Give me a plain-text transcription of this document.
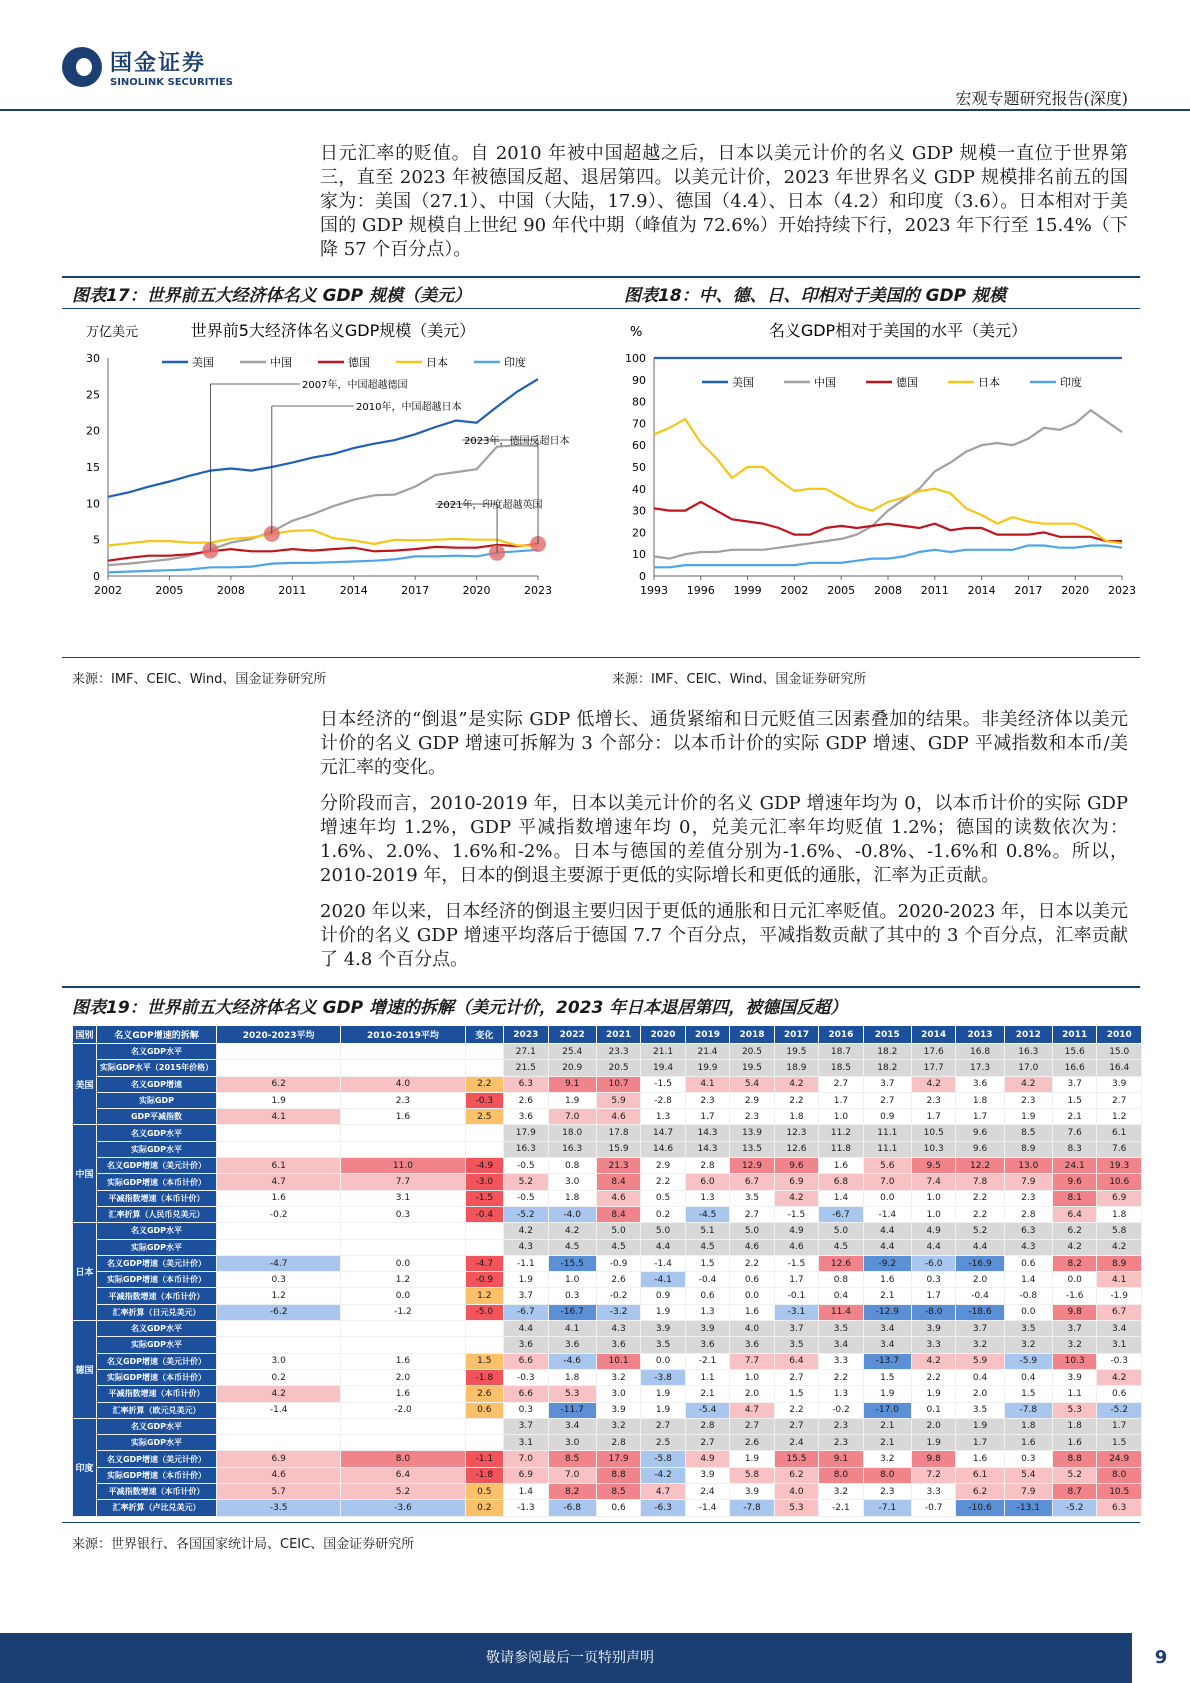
国金证券
SINOLINK SECURITIES
宏观专题研究报告(深度)
日元汇率的贬值。自 2010 年被中国超越之后，日本以美元计价的名义 GDP 规模一直位于世界第三，直至 2023 年被德国反超、退居第四。以美元计价，2023 年世界名义 GDP 规模排名前五的国家为：美国（27.1）、中国（大陆，17.9）、德国（4.4）、日本（4.2）和印度（3.6）。日本相对于美国的 GDP 规模自上世纪 90 年代中期（峰值为 72.6%）开始持续下行，2023 年下行至 15.4%（下降 57 个百分点）。
图表17：世界前五大经济体名义 GDP 规模（美元）	图表18：中、德、日、印相对于美国的 GDP 规模
世界前5大经济体名义GDP规模（美元）
万亿美元
0
5
10
15
20
25
30
2002	2005	2008	2011	2014	2017	2020	2023
美国	中国	德国	日本	印度
2007年，中国超越德国
2010年，中国超越日本
2023年，德国反超日本
2021年，印度超越英国
名义GDP相对于美国的水平（美元）
%
0
10
20
30
40
50
60
70
80
90
100
1993 1996 1999 2002 2005 2008 2011 2014 2017 2020 2023
美国	中国	德国	日本	印度
来源：IMF、CEIC、Wind、国金证券研究所	来源：IMF、CEIC、Wind、国金证券研究所
日本经济的“倒退”是实际 GDP 低增长、通货紧缩和日元贬值三因素叠加的结果。非美经济体以美元计价的名义 GDP 增速可拆解为 3 个部分：以本币计价的实际 GDP 增速、GDP 平减指数和本币/美元汇率的变化。
分阶段而言，2010-2019 年，日本以美元计价的名义 GDP 增速年均为 0，以本币计价的实际 GDP 增速年均 1.2%，GDP 平减指数增速年均 0，兑美元汇率年均贬值 1.2%；德国的读数依次为：1.6%、2.0%、1.6%和-2%。日本与德国的差值分别为-1.6%、-0.8%、-1.6%和 0.8%。所以，2010-2019 年，日本的倒退主要源于更低的实际增长和更低的通胀，汇率为正贡献。
2020 年以来，日本经济的倒退主要归因于更低的通胀和日元汇率贬值。2020-2023 年，日本以美元计价的名义 GDP 增速平均落后于德国 7.7 个百分点，平减指数贡献了其中的 3 个百分点，汇率贡献了 4.8 个百分点。
图表19：世界前五大经济体名义 GDP 增速的拆解（美元计价，2023 年日本退居第四，被德国反超）
国别	名义GDP增速的拆解	2020-2023平均	2010-2019平均	变化	2023	2022	2021	2020	2019	2018	2017	2016	2015	2014	2013	2012	2011	2010
美国	名义GDP水平				27.1	25.4	23.3	21.1	21.4	20.5	19.5	18.7	18.2	17.6	16.8	16.3	15.6	15.0
	实际GDP水平（2015年价格）				21.5	20.9	20.5	19.4	19.9	19.5	18.9	18.5	18.2	17.7	17.3	17.0	16.6	16.4
	名义GDP增速	6.2	4.0	2.2	6.3	9.1	10.7	-1.5	4.1	5.4	4.2	2.7	3.7	4.2	3.6	4.2	3.7	3.9
	实际GDP	1.9	2.3	-0.3	2.6	1.9	5.9	-2.8	2.3	2.9	2.2	1.7	2.7	2.3	1.8	2.3	1.5	2.7
	GDP平减指数	4.1	1.6	2.5	3.6	7.0	4.6	1.3	1.7	2.3	1.8	1.0	0.9	1.7	1.7	1.9	2.1	1.2
中国	名义GDP水平				17.9	18.0	17.8	14.7	14.3	13.9	12.3	11.2	11.1	10.5	9.6	8.5	7.6	6.1
	实际GDP水平				16.3	16.3	15.9	14.6	14.3	13.5	12.6	11.8	11.1	10.3	9.6	8.9	8.3	7.6
	名义GDP增速（美元计价）	6.1	11.0	-4.9	-0.5	0.8	21.3	2.9	2.8	12.9	9.6	1.6	5.6	9.5	12.2	13.0	24.1	19.3
	实际GDP增速（本币计价）	4.7	7.7	-3.0	5.2	3.0	8.4	2.2	6.0	6.7	6.9	6.8	7.0	7.4	7.8	7.9	9.6	10.6
	平减指数增速（本币计价）	1.6	3.1	-1.5	-0.5	1.8	4.6	0.5	1.3	3.5	4.2	1.4	0.0	1.0	2.2	2.3	8.1	6.9
	汇率折算（人民币兑美元）	-0.2	0.3	-0.4	-5.2	-4.0	8.4	0.2	-4.5	2.7	-1.5	-6.7	-1.4	1.0	2.2	2.8	6.4	1.8
日本	名义GDP水平				4.2	4.2	5.0	5.0	5.1	5.0	4.9	5.0	4.4	4.9	5.2	6.3	6.2	5.8
	实际GDP水平				4.3	4.5	4.5	4.4	4.5	4.6	4.6	4.5	4.4	4.4	4.4	4.3	4.2	4.2
	名义GDP增速（美元计价）	-4.7	0.0	-4.7	-1.1	-15.5	-0.9	-1.4	1.5	2.2	-1.5	12.6	-9.2	-6.0	-16.9	0.6	8.2	8.9
	实际GDP增速（本币计价）	0.3	1.2	-0.9	1.9	1.0	2.6	-4.1	-0.4	0.6	1.7	0.8	1.6	0.3	2.0	1.4	0.0	4.1
	平减指数增速（本币计价）	1.2	0.0	1.2	3.7	0.3	-0.2	0.9	0.6	0.0	-0.1	0.4	2.1	1.7	-0.4	-0.8	-1.6	-1.9
	汇率折算（日元兑美元）	-6.2	-1.2	-5.0	-6.7	-16.7	-3.2	1.9	1.3	1.6	-3.1	11.4	-12.9	-8.0	-18.6	0.0	9.8	6.7
德国	名义GDP水平				4.4	4.1	4.3	3.9	3.9	4.0	3.7	3.5	3.4	3.9	3.7	3.5	3.7	3.4
	实际GDP水平				3.6	3.6	3.6	3.5	3.6	3.6	3.5	3.4	3.4	3.3	3.2	3.2	3.2	3.1
	名义GDP增速（美元计价）	3.0	1.6	1.5	6.6	-4.6	10.1	0.0	-2.1	7.7	6.4	3.3	-13.7	4.2	5.9	-5.9	10.3	-0.3
	实际GDP增速（本币计价）	0.2	2.0	-1.8	-0.3	1.8	3.2	-3.8	1.1	1.0	2.7	2.2	1.5	2.2	0.4	0.4	3.9	4.2
	平减指数增速（本币计价）	4.2	1.6	2.6	6.6	5.3	3.0	1.9	2.1	2.0	1.5	1.3	1.9	1.9	2.0	1.5	1.1	0.6
	汇率折算（欧元兑美元）	-1.4	-2.0	0.6	0.3	-11.7	3.9	1.9	-5.4	4.7	2.2	-0.2	-17.0	0.1	3.5	-7.8	5.3	-5.2
印度	名义GDP水平				3.7	3.4	3.2	2.7	2.8	2.7	2.7	2.3	2.1	2.0	1.9	1.8	1.8	1.7
	实际GDP水平				3.1	3.0	2.8	2.5	2.7	2.6	2.4	2.3	2.1	1.9	1.7	1.6	1.6	1.5
	名义GDP增速（美元计价）	6.9	8.0	-1.1	7.0	8.5	17.9	-5.8	4.9	1.9	15.5	9.1	3.2	9.8	1.6	0.3	8.8	24.9
	实际GDP增速（本币计价）	4.6	6.4	-1.8	6.9	7.0	8.8	-4.2	3.9	5.8	6.2	8.0	8.0	7.2	6.1	5.4	5.2	8.0
	平减指数增速（本币计价）	5.7	5.2	0.5	1.4	8.2	8.5	4.7	2.4	3.9	4.0	3.2	2.3	3.3	6.2	7.9	8.7	10.5
	汇率折算（卢比兑美元）	-3.5	-3.6	0.2	-1.3	-6.8	0.6	-6.3	-1.4	-7.8	5.3	-2.1	-7.1	-0.7	-10.6	-13.1	-5.2	6.3
来源：世界银行、各国国家统计局、CEIC、国金证券研究所
敬请参阅最后一页特别声明	9
